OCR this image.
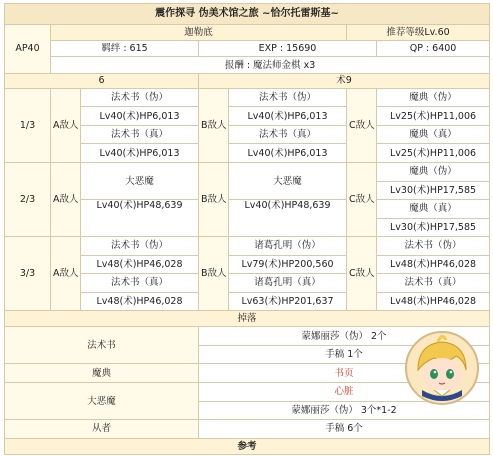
震作探寻 伪美术馆之旅 ~恰尔托雷斯基~						
AP40	迦勒底				推荐等级Lv.60	
	羁绊 : 615		EXP : 15690			QP : 6400
	报酬 : 魔法师金棋 x3					
6			术9			
1/3	A敌人	法术书（伪）	B敌人	法术书（伪）	C敌人	魔典（伪）
		Lv40(术)HP6,013		Lv40(术)HP6,013		Lv25(术)HP11,006
		法术书（真）		法术书（真）		魔典（真）
		Lv40(术)HP6,013		Lv40(术)HP6,013		Lv25(术)HP11,006
2/3	A敌人	大恶魔	B敌人	大恶魔	C敌人	魔典（伪）
						Lv30(术)HP17,585
		Lv40(术)HP48,639		Lv40(术)HP48,639		魔典（真）
						Lv30(术)HP17,585
3/3	A敌人	法术书（伪）	B敌人	诸葛孔明（伪）	C敌人	法术书（伪）
		Lv48(术)HP46,028		Lv79(术)HP200,560		Lv48(术)HP46,028
		法术书（真）		诸葛孔明（真）		法术书（真）
		Lv48(术)HP46,028		Lv63(术)HP201,637		Lv48(术)HP46,028
掉落						
法术书			蒙娜丽莎（伪） 2个			
			手稿 1个			
魔典			书页			
大恶魔			心脏			
			蒙娜丽莎（伪） 3个*1-2			
从者			手稿 6个			
参考						
